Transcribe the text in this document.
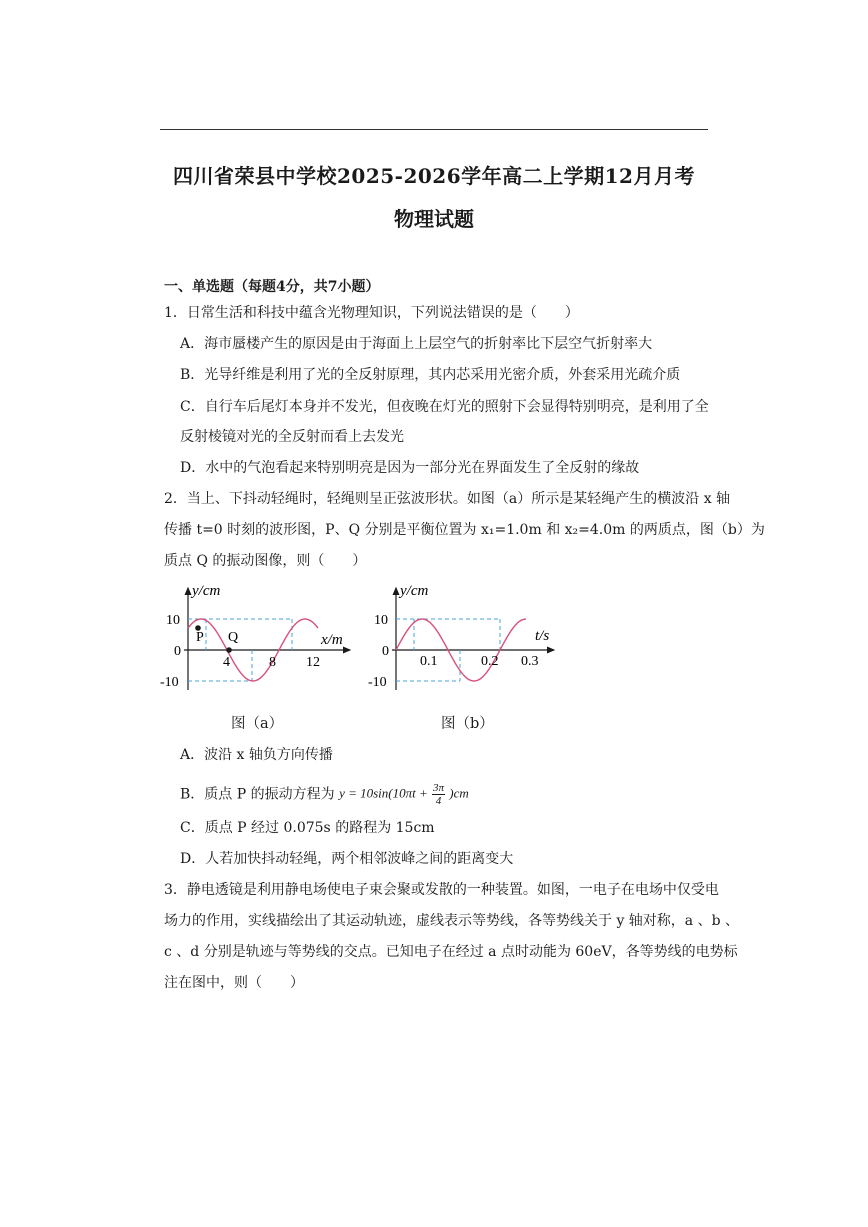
四川省荣县中学校2025-2026学年高二上学期12月月考
物理试题
一、单选题（每题4分，共7小题）
1．日常生活和科技中蕴含光物理知识，下列说法错误的是（　　）
A．海市蜃楼产生的原因是由于海面上上层空气的折射率比下层空气折射率大
B．光导纤维是利用了光的全反射原理，其内芯采用光密介质，外套采用光疏介质
C．自行车后尾灯本身并不发光，但夜晚在灯光的照射下会显得特别明亮，是利用了全
反射棱镜对光的全反射而看上去发光
D．水中的气泡看起来特别明亮是因为一部分光在界面发生了全反射的缘故
2．当上、下抖动轻绳时，轻绳则呈正弦波形状。如图（a）所示是某轻绳产生的横波沿 x 轴
传播 t=0 时刻的波形图，P、Q 分别是平衡位置为 x₁=1.0m 和 x₂=4.0m 的两质点，图（b）为
质点 Q 的振动图像，则（　　）
y/cm
x/m
10
0
-10
4	8 12
P Q
图（a）
y/cm
t/s
10
0
-10
0.1	0.2 0.3
图（b）
A．波沿 x 轴负方向传播
B．质点 P 的振动方程为 $y = 10\sin(10\pi t + \frac{3\pi}{4} )cm$
C．质点 P 经过 0.075s 的路程为 15cm
D．人若加快抖动轻绳，两个相邻波峰之间的距离变大
3．静电透镜是利用静电场使电子束会聚或发散的一种装置。如图，一电子在电场中仅受电
场力的作用，实线描绘出了其运动轨迹，虚线表示等势线，各等势线关于 y 轴对称，a 、b 、
c 、d 分别是轨迹与等势线的交点。已知电子在经过 a 点时动能为 60eV，各等势线的电势标
注在图中，则（　　）
